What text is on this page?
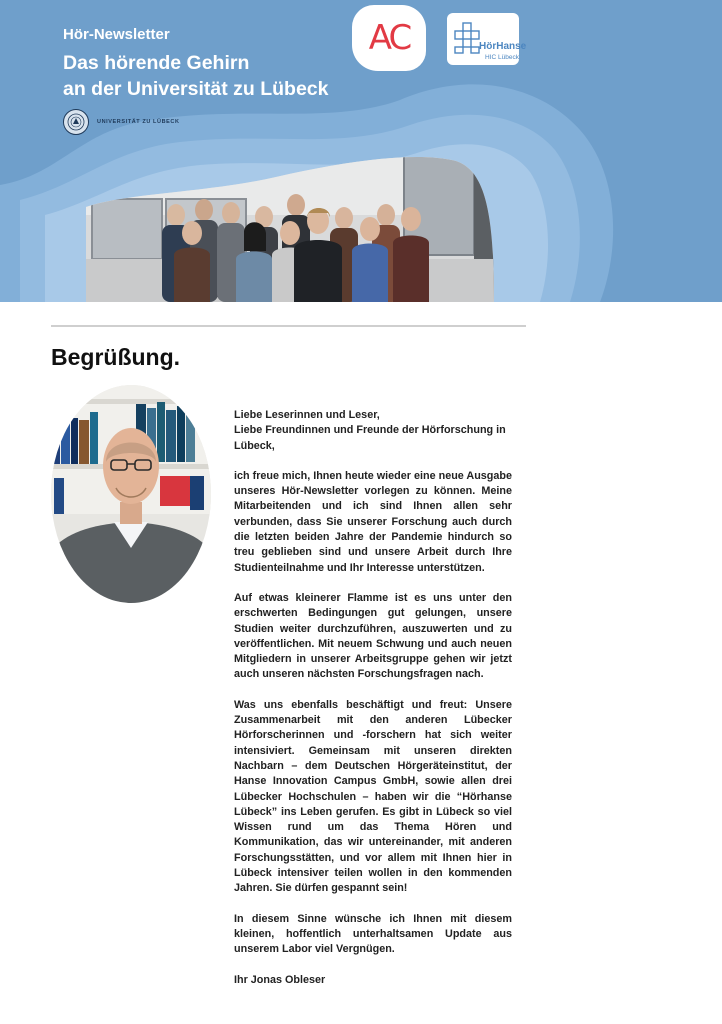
Hör-Newsletter
Das hörende Gehirn
an der Universität zu Lübeck
UNIVERSITÄT ZU LÜBECK
AC	HörHanse
HIC Lübeck
Begrüßung.

Liebe Leserinnen und Leser,
Liebe Freundinnen und Freunde der Hörforschung in Lübeck,

ich freue mich, Ihnen heute wieder eine neue Ausgabe unseres Hör-Newsletter vorlegen zu können. Meine Mitarbeitenden und ich sind Ihnen allen sehr verbunden, dass Sie unserer Forschung auch durch die letzten beiden Jahre der Pandemie hindurch so treu geblieben sind und unsere Arbeit durch Ihre Studienteilnahme und Ihr Interesse unterstützen.

Auf etwas kleinerer Flamme ist es uns unter den erschwerten Bedingungen gut gelungen, unsere Studien weiter durchzuführen, auszuwerten und zu veröffentlichen. Mit neuem Schwung und auch neuen Mitgliedern in unserer Arbeitsgruppe gehen wir jetzt auch unseren nächsten Forschungsfragen nach.

Was uns ebenfalls beschäftigt und freut: Unsere Zusammenarbeit mit den anderen Lübecker Hörforscherinnen und -forschern hat sich weiter intensiviert. Gemeinsam mit unseren direkten Nachbarn – dem Deutschen Hörgeräteinstitut, der Hanse Innovation Campus GmbH, sowie allen drei Lübecker Hochschulen – haben wir die “Hörhanse Lübeck” ins Leben gerufen. Es gibt in Lübeck so viel Wissen rund um das Thema Hören und Kommunikation, das wir untereinander, mit anderen Forschungsstätten, und vor allem mit Ihnen hier in Lübeck intensiver teilen wollen in den kommenden Jahren. Sie dürfen gespannt sein!

In diesem Sinne wünsche ich Ihnen mit diesem kleinen, hoffentlich unterhaltsamen Update aus unserem Labor viel Vergnügen.

Ihr Jonas Obleser
